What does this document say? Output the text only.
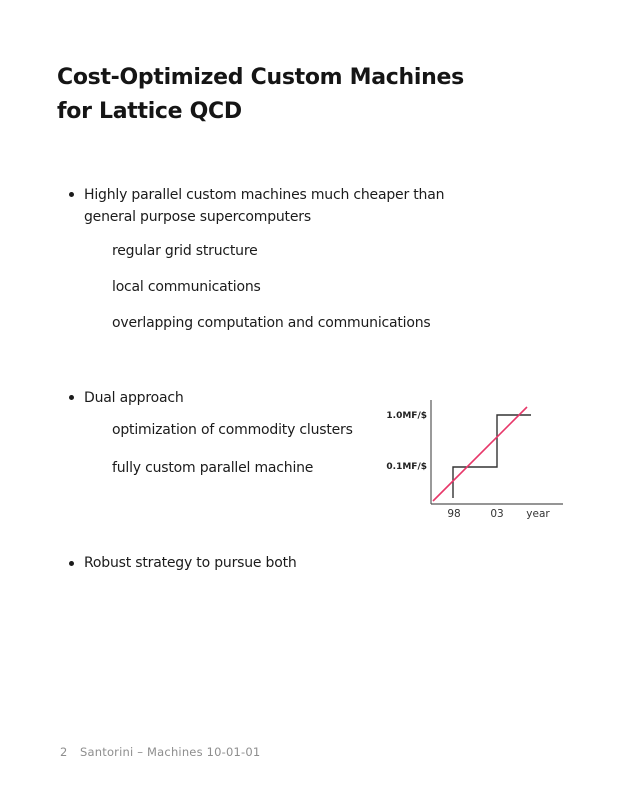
Cost-Optimized Custom Machines
for Lattice QCD
Highly parallel custom machines much cheaper than
general purpose supercomputers
regular grid structure
local communications
overlapping computation and communications
Dual approach
optimization of commodity clusters
fully custom parallel machine
1.0MF/$
0.1MF/$
98	03 year
Robust strategy to pursue both
2 Santorini – Machines 10-01-01
